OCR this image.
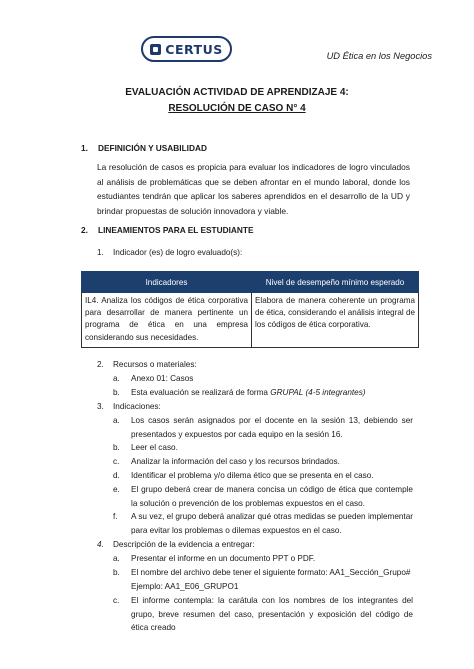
CERTUS	UD Ética en los Negocios
EVALUACIÓN ACTIVIDAD DE APRENDIZAJE 4:
RESOLUCIÓN DE CASO N° 4
1. DEFINICIÓN Y USABILIDAD
La resolución de casos es propicia para evaluar los indicadores de logro vinculados al análisis de problemáticas que se deben afrontar en el mundo laboral, donde los estudiantes tendrán que aplicar los saberes aprendidos en el desarrollo de la UD y brindar propuestas de solución innovadora y viable.
2. LINEAMIENTOS PARA EL ESTUDIANTE
1.	Indicador (es) de logro evaluado(s):
Indicadores	Nivel de desempeño mínimo esperado
IL4. Analiza los códigos de ética corporativa para desarrollar de manera pertinente un programa de ética en una empresa considerando sus necesidades.	Elabora de manera coherente un programa de ética, considerando el análisis integral de los códigos de ética corporativa.
2.	Recursos o materiales:
a.	Anexo 01: Casos
b.	Esta evaluación se realizará de forma GRUPAL (4-5 integrantes)
3.	Indicaciones:
a.	Los casos serán asignados por el docente en la sesión 13, debiendo ser presentados y expuestos por cada equipo en la sesión 16.
b.	Leer el caso.
c.	Analizar la información del caso y los recursos brindados.
d.	Identificar el problema y/o dilema ético que se presenta en el caso.
e.	El grupo deberá crear de manera concisa un código de ética que contemple la solución o prevención de los problemas expuestos en el caso.
f.	A su vez, el grupo deberá analizar qué otras medidas se pueden implementar para evitar los problemas o dilemas expuestos en el caso.
4.	Descripción de la evidencia a entregar:
a.	Presentar el informe en un documento PPT o PDF.
b.	El nombre del archivo debe tener el siguiente formato: AA1_Sección_Grupo#
Ejemplo: AA1_E06_GRUPO1
c.	El informe contempla: la carátula con los nombres de los integrantes del grupo, breve resumen del caso, presentación y exposición del código de ética creado
